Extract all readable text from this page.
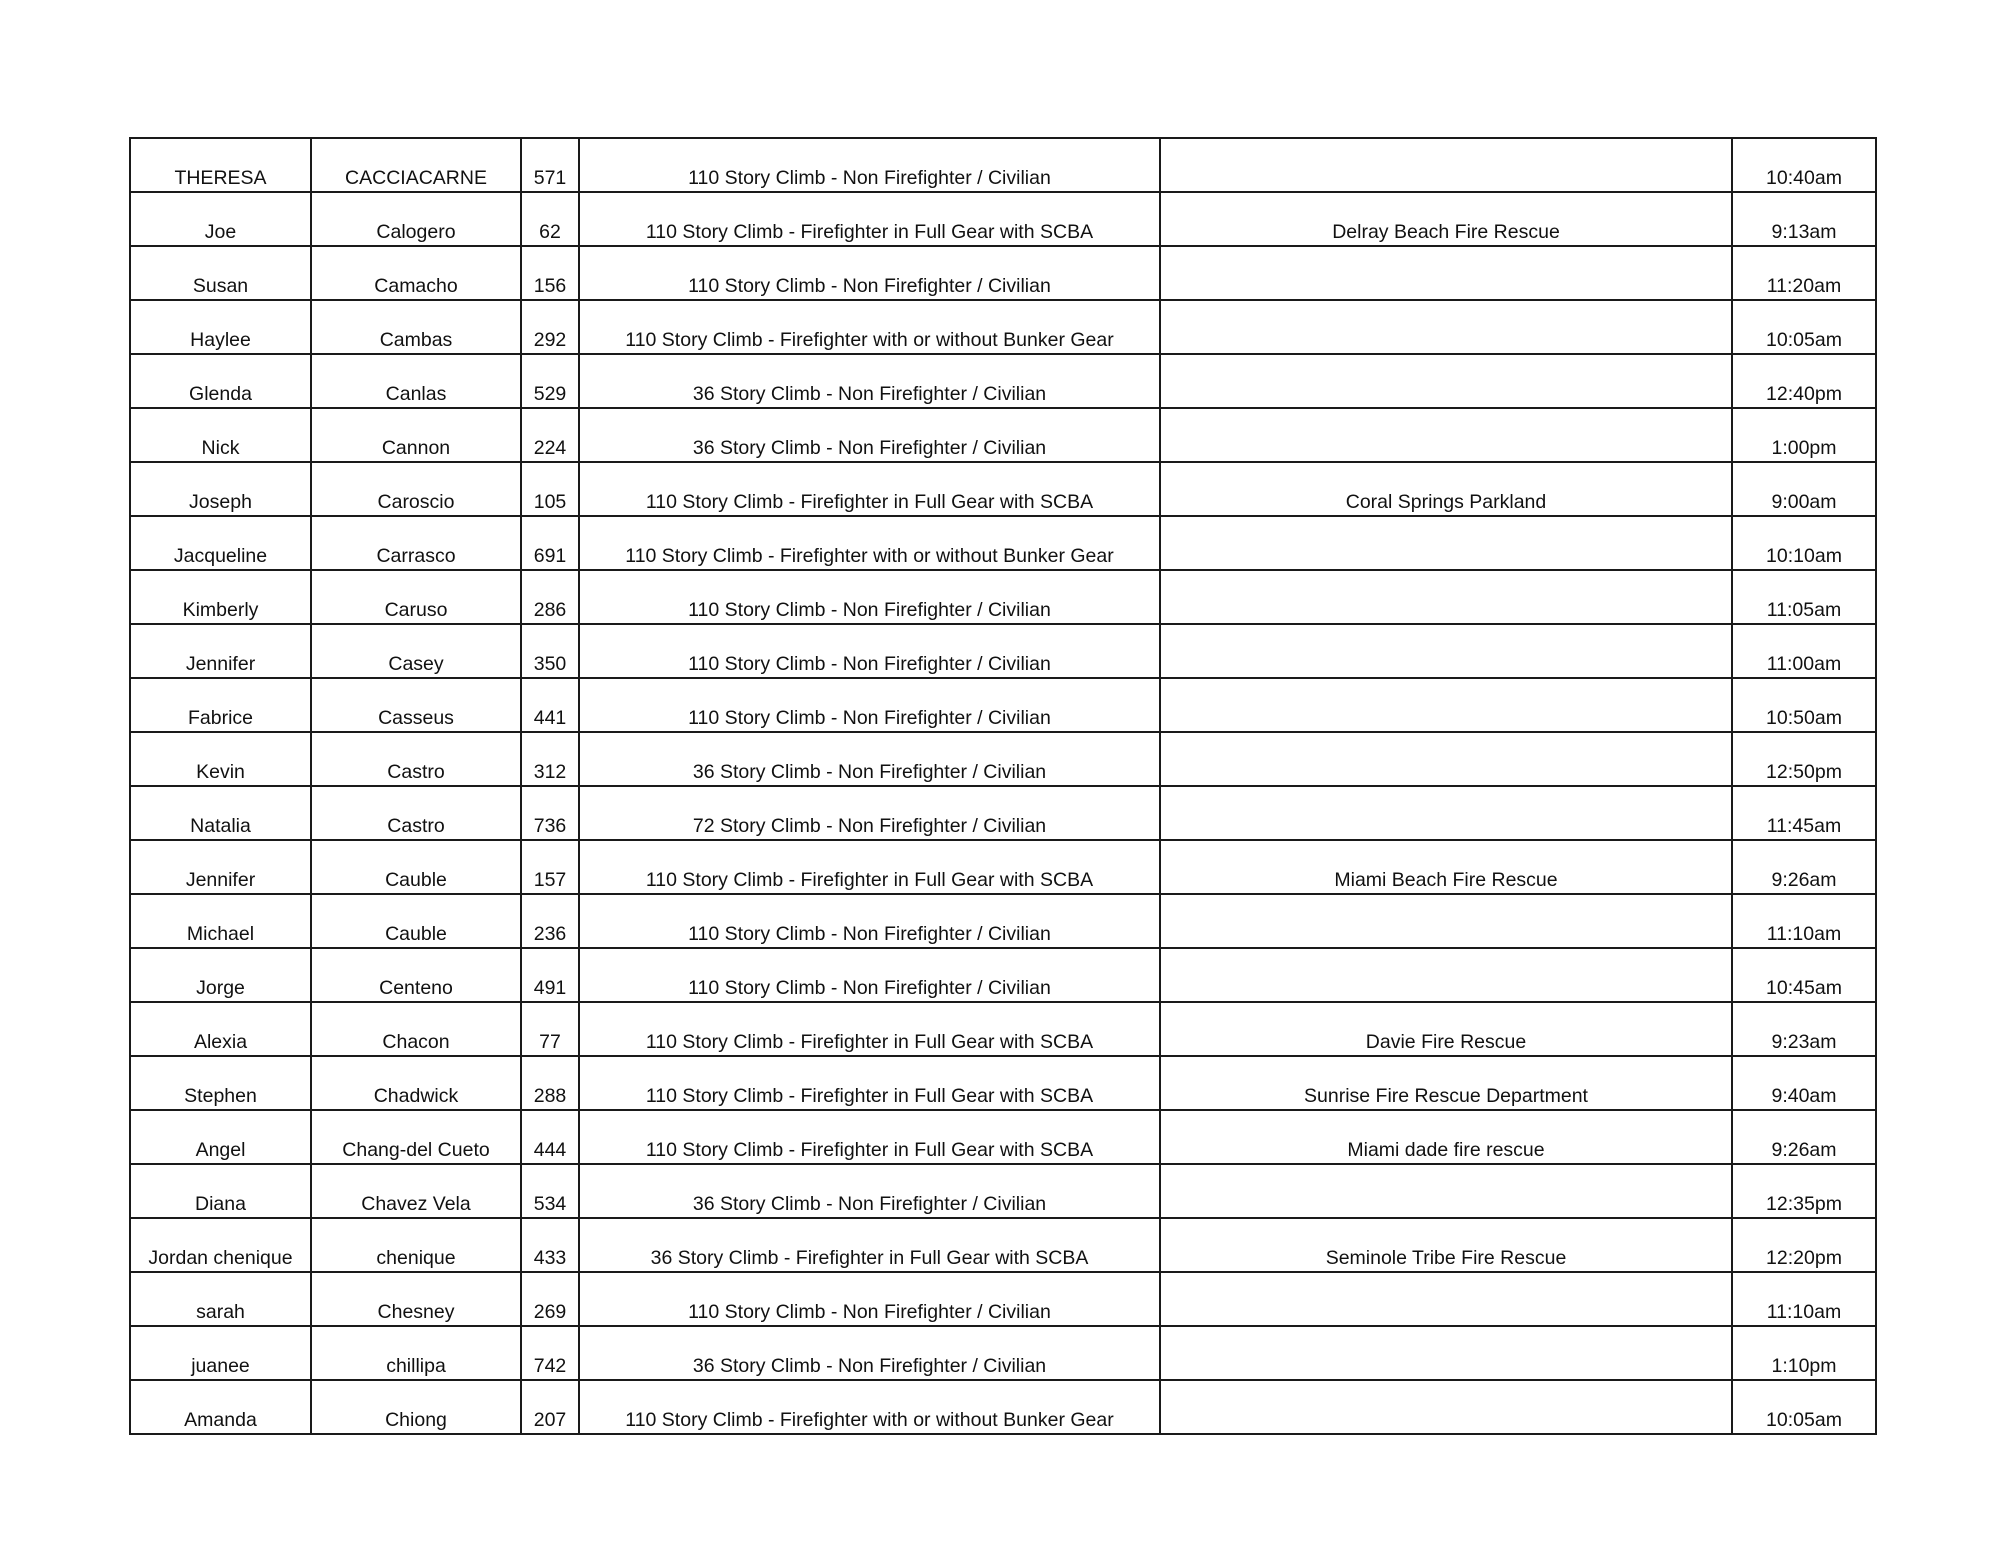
THERESA	CACCIACARNE	571	110 Story Climb - Non Firefighter / Civilian		10:40am
Joe	Calogero	62	110 Story Climb - Firefighter in Full Gear with SCBA	Delray Beach Fire Rescue	9:13am
Susan	Camacho	156	110 Story Climb - Non Firefighter / Civilian		11:20am
Haylee	Cambas	292	110 Story Climb - Firefighter with or without Bunker Gear		10:05am
Glenda	Canlas	529	36 Story Climb - Non Firefighter / Civilian		12:40pm
Nick	Cannon	224	36 Story Climb - Non Firefighter / Civilian		1:00pm
Joseph	Caroscio	105	110 Story Climb - Firefighter in Full Gear with SCBA	Coral Springs Parkland	9:00am
Jacqueline	Carrasco	691	110 Story Climb - Firefighter with or without Bunker Gear		10:10am
Kimberly	Caruso	286	110 Story Climb - Non Firefighter / Civilian		11:05am
Jennifer	Casey	350	110 Story Climb - Non Firefighter / Civilian		11:00am
Fabrice	Casseus	441	110 Story Climb - Non Firefighter / Civilian		10:50am
Kevin	Castro	312	36 Story Climb - Non Firefighter / Civilian		12:50pm
Natalia	Castro	736	72 Story Climb - Non Firefighter / Civilian		11:45am
Jennifer	Cauble	157	110 Story Climb - Firefighter in Full Gear with SCBA	Miami Beach Fire Rescue	9:26am
Michael	Cauble	236	110 Story Climb - Non Firefighter / Civilian		11:10am
Jorge	Centeno	491	110 Story Climb - Non Firefighter / Civilian		10:45am
Alexia	Chacon	77	110 Story Climb - Firefighter in Full Gear with SCBA	Davie Fire Rescue	9:23am
Stephen	Chadwick	288	110 Story Climb - Firefighter in Full Gear with SCBA	Sunrise Fire Rescue Department	9:40am
Angel	Chang-del Cueto	444	110 Story Climb - Firefighter in Full Gear with SCBA	Miami dade fire rescue	9:26am
Diana	Chavez Vela	534	36 Story Climb - Non Firefighter / Civilian		12:35pm
Jordan chenique	chenique	433	36 Story Climb - Firefighter in Full Gear with SCBA	Seminole Tribe Fire Rescue	12:20pm
sarah	Chesney	269	110 Story Climb - Non Firefighter / Civilian		11:10am
juanee	chillipa	742	36 Story Climb - Non Firefighter / Civilian		1:10pm
Amanda	Chiong	207	110 Story Climb - Firefighter with or without Bunker Gear		10:05am
